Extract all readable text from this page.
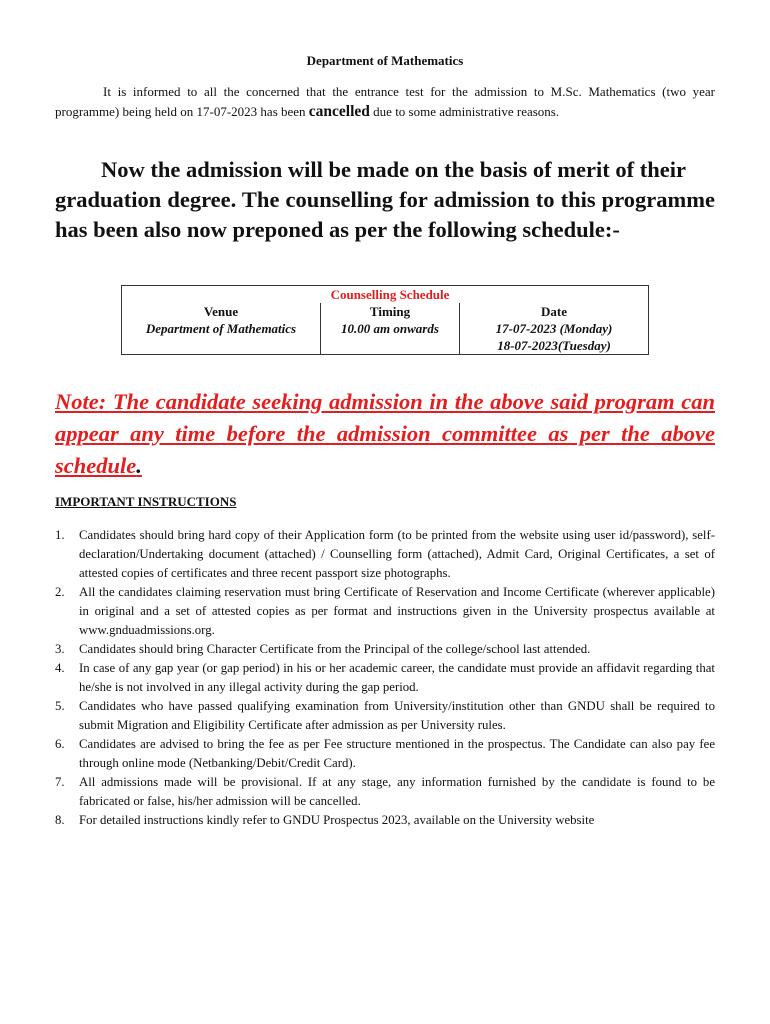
Department of Mathematics

It is informed to all the concerned that the entrance test for the admission to M.Sc. Mathematics (two year programme) being held on 17-07-2023 has been cancelled due to some administrative reasons.

Now the admission will be made on the basis of merit of their
graduation degree. The counselling for admission to this programme has been also now preponed as per the following schedule:-
	Counselling Schedule	
Venue	Timing	Date
Department of Mathematics	10.00 am onwards	17-07-2023 (Monday)
		18-07-2023(Tuesday)
Note: The candidate seeking admission in the above said program can appear any time before the admission committee as per the above schedule.
IMPORTANT INSTRUCTIONS
1. Candidates should bring hard copy of their Application form (to be printed from the website using user id/password), self-declaration/Undertaking document (attached) / Counselling form (attached), Admit Card, Original Certificates, a set of attested copies of certificates and three recent passport size photographs.
2. All the candidates claiming reservation must bring Certificate of Reservation and Income Certificate (wherever applicable) in original and a set of attested copies as per format and instructions given in the University prospectus available at www.gnduadmissions.org.
3. Candidates should bring Character Certificate from the Principal of the college/school last attended.
4. In case of any gap year (or gap period) in his or her academic career, the candidate must provide an affidavit regarding that he/she is not involved in any illegal activity during the gap period.
5. Candidates who have passed qualifying examination from University/institution other than GNDU shall be required to submit Migration and Eligibility Certificate after admission as per University rules.
6. Candidates are advised to bring the fee as per Fee structure mentioned in the prospectus. The Candidate can also pay fee through online mode (Netbanking/Debit/Credit Card).
7. All admissions made will be provisional. If at any stage, any information furnished by the candidate is found to be fabricated or false, his/her admission will be cancelled.
8. For detailed instructions kindly refer to GNDU Prospectus 2023, available on the University website
